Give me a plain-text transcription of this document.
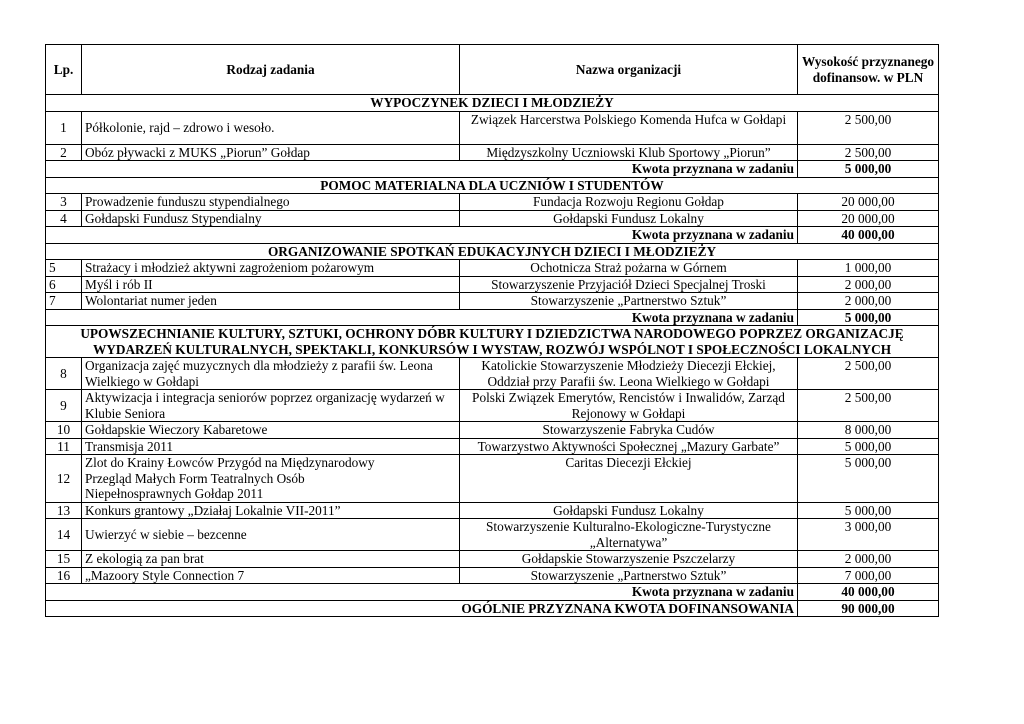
Lp.	Rodzaj zadania	Nazwa organizacji	Wysokość przyznanego dofinansow. w PLN
WYPOCZYNEK DZIECI I MŁODZIEŻY			
1	Półkolonie, rajd – zdrowo i wesoło.	Związek Harcerstwa Polskiego Komenda Hufca w Gołdapi	2 500,00
2	Obóz pływacki z MUKS „Piorun” Gołdap	Międzyszkolny Uczniowski Klub Sportowy „Piorun”	2 500,00
Kwota przyznana w zadaniu			5 000,00
POMOC MATERIALNA DLA UCZNIÓW I STUDENTÓW			
3	Prowadzenie funduszu stypendialnego	Fundacja Rozwoju Regionu Gołdap	20 000,00
4	Gołdapski Fundusz Stypendialny	Gołdapski Fundusz Lokalny	20 000,00
Kwota przyznana w zadaniu			40 000,00
ORGANIZOWANIE SPOTKAŃ EDUKACYJNYCH DZIECI I MŁODZIEŻY			
5	Strażacy i młodzież aktywni zagrożeniom pożarowym	Ochotnicza Straż pożarna w Górnem	1 000,00
6	Myśl i rób II	Stowarzyszenie Przyjaciół Dzieci Specjalnej Troski	2 000,00
7	Wolontariat numer jeden	Stowarzyszenie „Partnerstwo Sztuk”	2 000,00
Kwota przyznana w zadaniu			5 000,00
UPOWSZECHNIANIE KULTURY, SZTUKI, OCHRONY DÓBR KULTURY I DZIEDZICTWA NARODOWEGO POPRZEZ ORGANIZACJĘ WYDARZEŃ KULTURALNYCH, SPEKTAKLI, KONKURSÓW I WYSTAW, ROZWÓJ WSPÓLNOT I SPOŁECZNOŚCI LOKALNYCH			
8	Organizacja zajęć muzycznych dla młodzieży z parafii św. Leona Wielkiego w Gołdapi	Katolickie Stowarzyszenie Młodzieży Diecezji Ełckiej, Oddział przy Parafii św. Leona Wielkiego w Gołdapi	2 500,00
9	Aktywizacja i integracja seniorów poprzez organizację wydarzeń w Klubie Seniora	Polski Związek Emerytów, Rencistów i Inwalidów, Zarząd Rejonowy w Gołdapi	2 500,00
10	Gołdapskie Wieczory Kabaretowe	Stowarzyszenie Fabryka Cudów	8 000,00
11	Transmisja 2011	Towarzystwo Aktywności Społecznej „Mazury Garbate”	5 000,00
12	Zlot do Krainy Łowców Przygód na Międzynarodowy Przegląd Małych Form Teatralnych Osób Niepełnosprawnych Gołdap 2011	Caritas Diecezji Ełckiej	5 000,00
13	Konkurs grantowy „Działaj Lokalnie VII-2011”	Gołdapski Fundusz Lokalny	5 000,00
14	Uwierzyć w siebie – bezcenne	Stowarzyszenie Kulturalno-Ekologiczne-Turystyczne „Alternatywa”	3 000,00
15	Z ekologią za pan brat	Gołdapskie Stowarzyszenie Pszczelarzy	2 000,00
16	„Mazoory Style Connection 7	Stowarzyszenie „Partnerstwo Sztuk”	7 000,00
Kwota przyznana w zadaniu			40 000,00
OGÓLNIE PRZYZNANA KWOTA DOFINANSOWANIA			90 000,00
